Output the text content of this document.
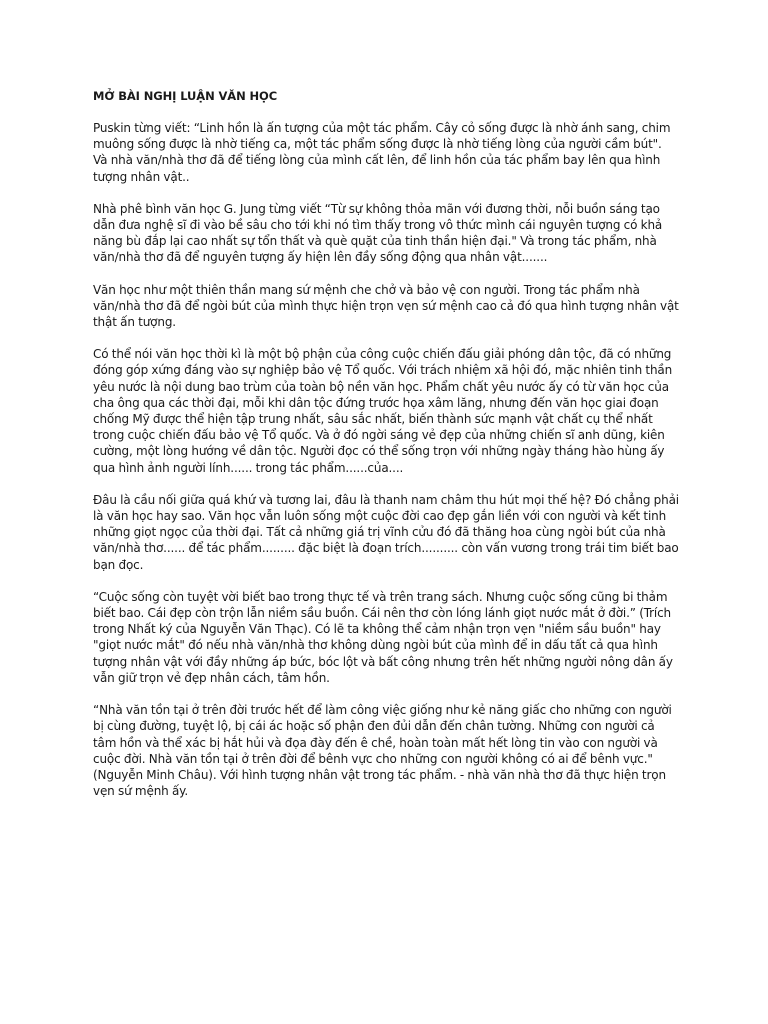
MỞ BÀI NGHỊ LUẬN VĂN HỌC

Puskin từng viết: “Linh hồn là ấn tượng của một tác phẩm. Cây cỏ sống được là nhờ ánh sang, chim muông sống được là nhờ tiếng ca, một tác phẩm sống được là nhờ tiếng lòng của người cầm bút". Và nhà văn/nhà thơ đã để tiếng lòng của mình cất lên, để linh hồn của tác phẩm bay lên qua hình tượng nhân vật..

Nhà phê bình văn học G. Jung từng viết “Từ sự không thỏa mãn với đương thời, nỗi buồn sáng tạo dẫn đưa nghệ sĩ đi vào bề sâu cho tới khi nó tìm thấy trong vô thức mình cái nguyên tượng có khả năng bù đắp lại cao nhất sự tổn thất và què quặt của tinh thần hiện đại." Và trong tác phẩm, nhà văn/nhà thơ đã để nguyên tượng ấy hiện lên đầy sống động qua nhân vật.......

Văn học như một thiên thần mang sứ mệnh che chở và bảo vệ con người. Trong tác phẩm nhà văn/nhà thơ đã để ngòi bút của mình thực hiện trọn vẹn sứ mệnh cao cả đó qua hình tượng nhân vật thật ấn tượng.

Có thể nói văn học thời kì là một bộ phận của công cuộc chiến đấu giải phóng dân tộc, đã có những đóng góp xứng đáng vào sự nghiệp bảo vệ Tổ quốc. Với trách nhiệm xã hội đó, mặc nhiên tinh thần yêu nước là nội dung bao trùm của toàn bộ nền văn học. Phẩm chất yêu nước ấy có từ văn học của cha ông qua các thời đại, mỗi khi dân tộc đứng trước họa xâm lăng, nhưng đến văn học giai đoạn chống Mỹ được thể hiện tập trung nhất, sâu sắc nhất, biến thành sức mạnh vật chất cụ thể nhất trong cuộc chiến đấu bảo vệ Tổ quốc. Và ở đó ngời sáng vẻ đẹp của những chiến sĩ anh dũng, kiên cường, một lòng hướng về dân tộc. Người đọc có thể sống trọn với những ngày tháng hào hùng ấy qua hình ảnh người lính...... trong tác phẩm......của....

Đâu là cầu nối giữa quá khứ và tương lai, đâu là thanh nam châm thu hút mọi thế hệ? Đó chẳng phải là văn học hay sao. Văn học vẫn luôn sống một cuộc đời cao đẹp gắn liền với con người và kết tinh những giọt ngọc của thời đại. Tất cả những giá trị vĩnh cửu đó đã thăng hoa cùng ngòi bút của nhà văn/nhà thơ...... để tác phẩm......... đặc biệt là đoạn trích.......... còn vấn vương trong trái tim biết bao bạn đọc.

“Cuộc sống còn tuyệt vời biết bao trong thực tế và trên trang sách. Nhưng cuộc sống cũng bi thảm biết bao. Cái đẹp còn trộn lẫn niềm sầu buồn. Cái nên thơ còn lóng lánh giọt nước mắt ở đời.” (Trích trong Nhất ký của Nguyễn Văn Thạc). Có lẽ ta không thể cảm nhận trọn vẹn "niềm sầu buồn" hay "giọt nước mắt" đó nếu nhà văn/nhà thơ không dùng ngòi bút của mình để in dấu tất cả qua hình tượng nhân vật với đầy những áp bức, bóc lột và bất công nhưng trên hết những người nông dân ấy vẫn giữ trọn vẻ đẹp nhân cách, tâm hồn.

“Nhà văn tồn tại ở trên đời trước hết để làm công việc giống như kẻ năng giấc cho những con người bị cùng đường, tuyệt lộ, bị cái ác hoặc số phận đen đủi dẫn đến chân tường. Những con người cả tâm hồn và thể xác bị hắt hủi và đọa đày đến ê chề, hoàn toàn mất hết lòng tin vào con người và cuộc đời. Nhà văn tồn tại ở trên đời để bênh vực cho những con người không có ai để bênh vực."(Nguyễn Minh Châu). Với hình tượng nhân vật trong tác phẩm. - nhà văn nhà thơ đã thực hiện trọn vẹn sứ mệnh ấy.
